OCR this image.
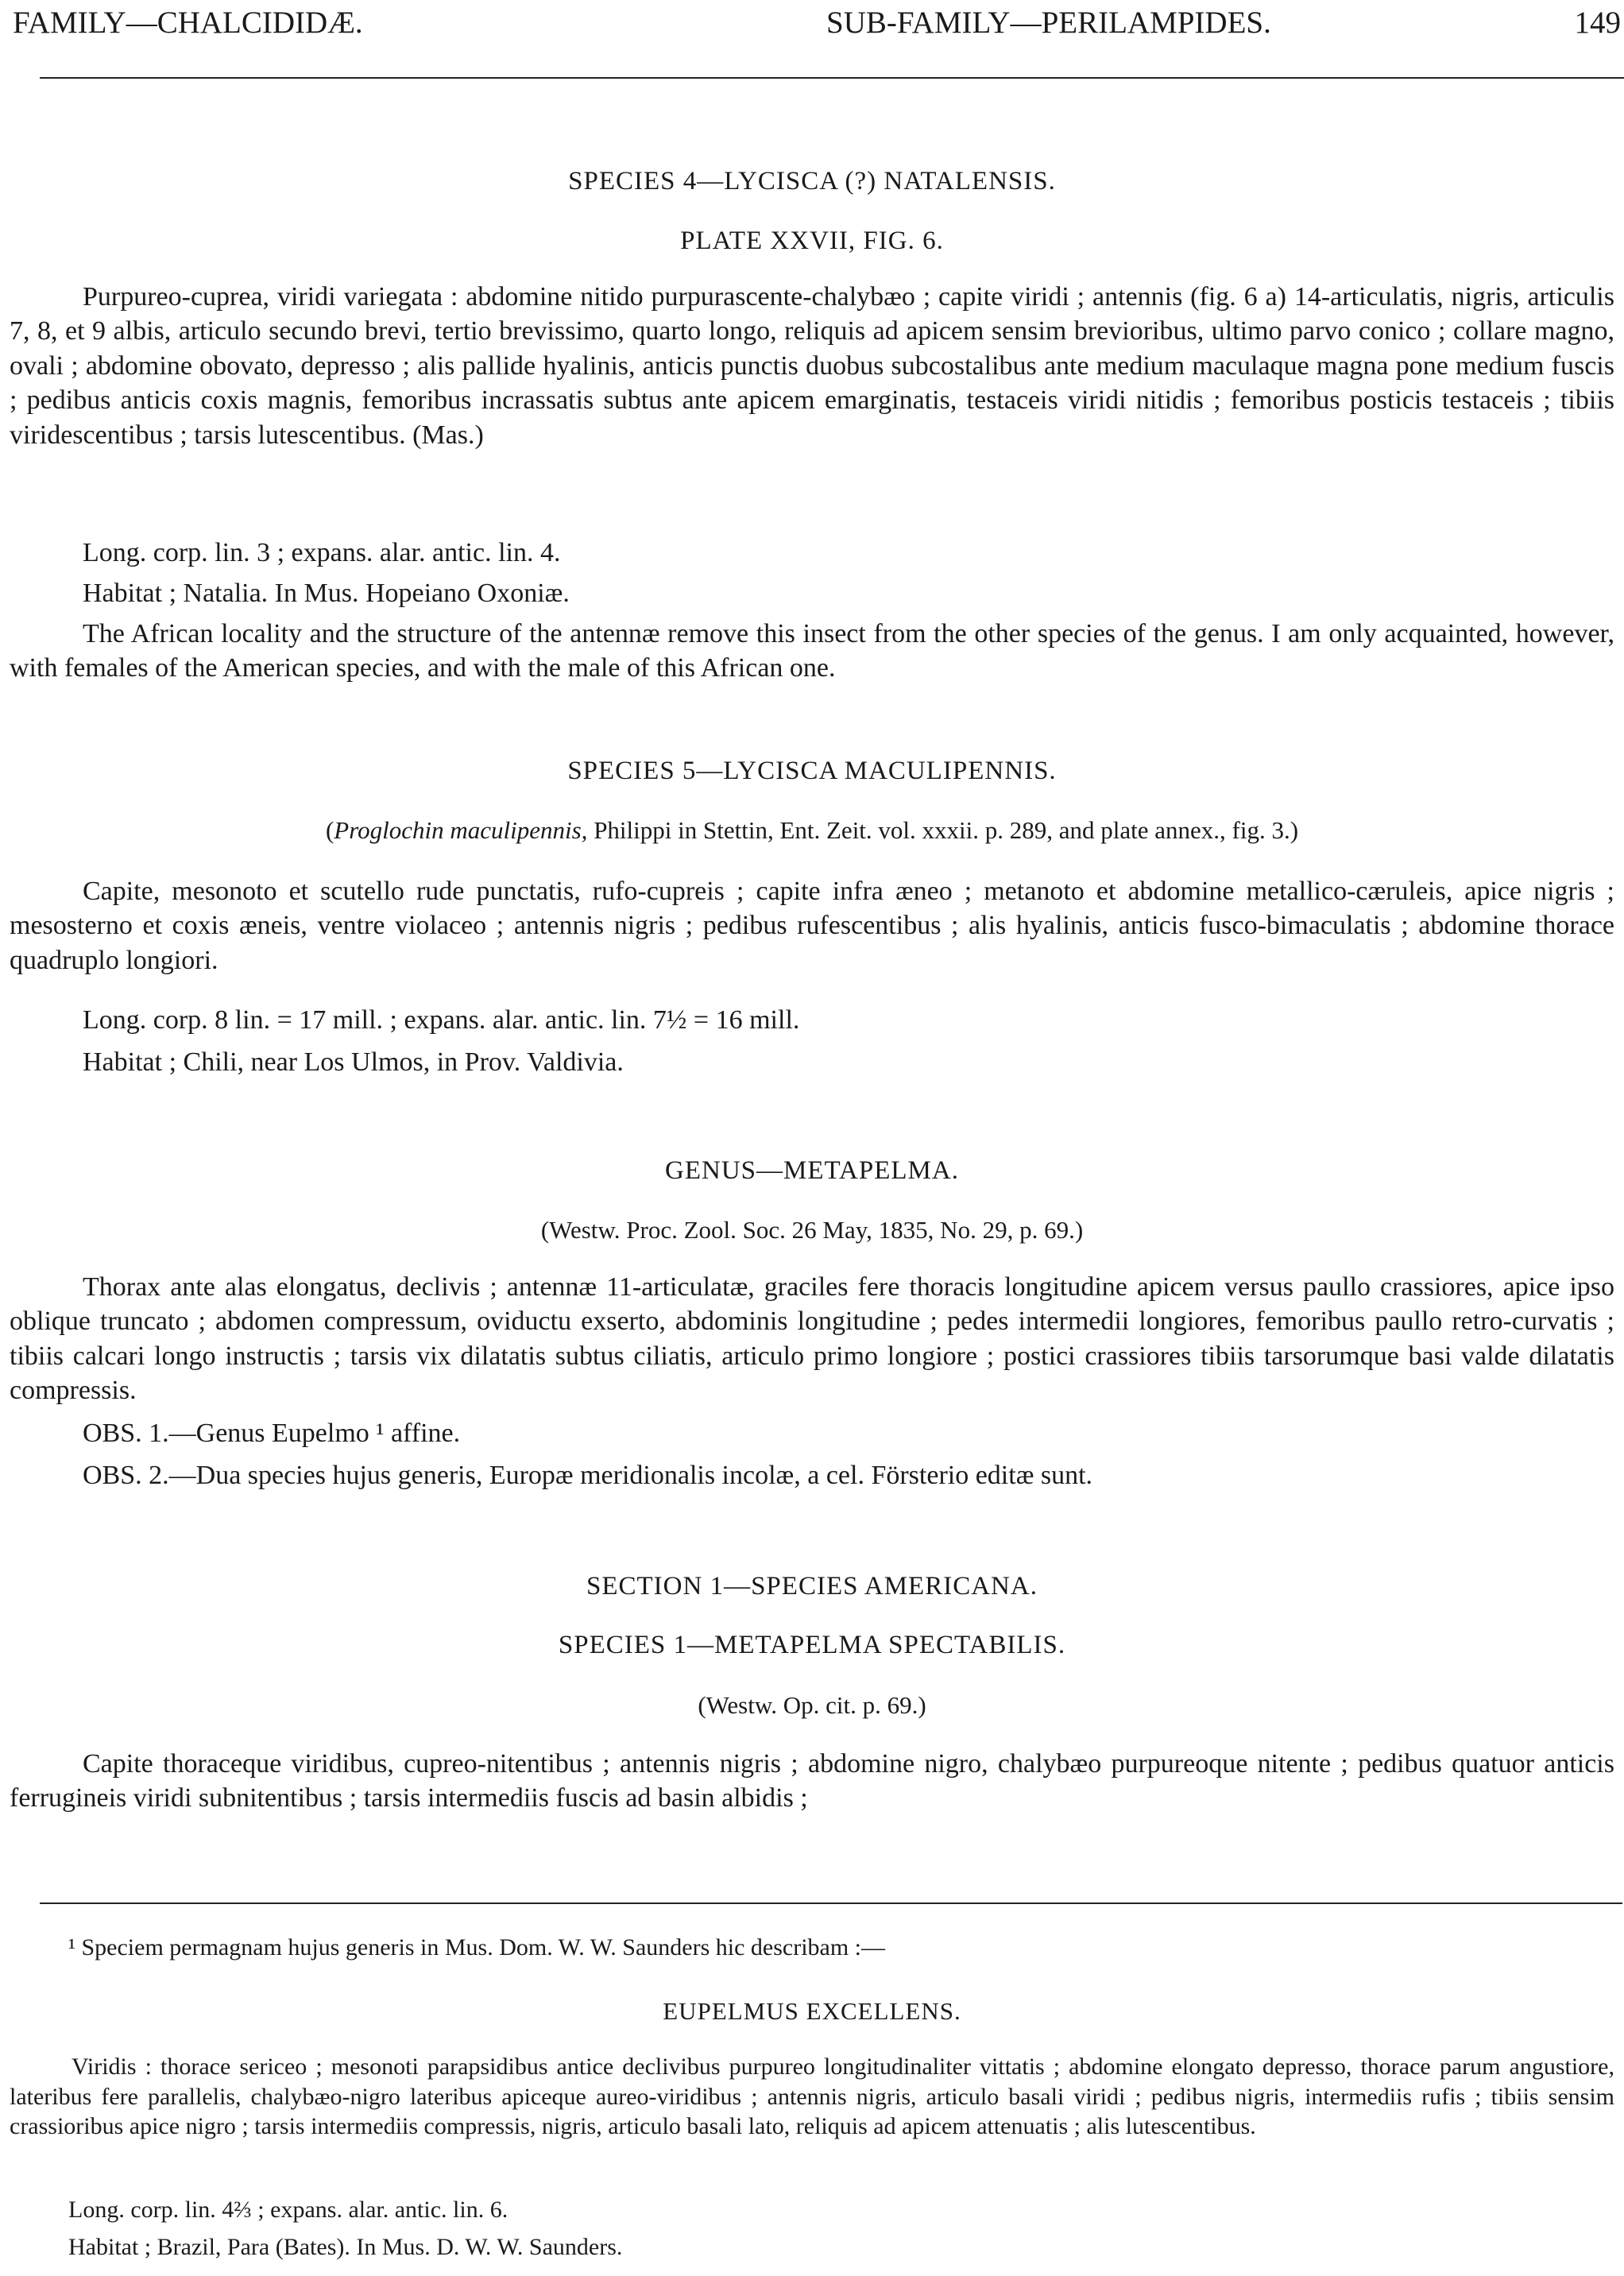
FAMILY—CHALCIDIDÆ.	SUB-FAMILY—PERILAMPIDES.	149
SPECIES 4—LYCISCA (?) NATALENSIS.
PLATE XXVII, FIG. 6.

Purpureo-cuprea, viridi variegata : abdomine nitido purpurascente-chalybæo ; capite viridi ; antennis (fig. 6 a) 14-articulatis, nigris, articulis 7, 8, et 9 albis, articulo secundo brevi, tertio brevissimo, quarto longo, reliquis ad apicem sensim brevioribus, ultimo parvo conico ; collare magno, ovali ; abdomine obovato, depresso ; alis pallide hyalinis, anticis punctis duobus subcostalibus ante medium maculaque magna pone medium fuscis ; pedibus anticis coxis magnis, femoribus incrassatis subtus ante apicem emarginatis, testaceis viridi nitidis ; femoribus posticis testaceis ; tibiis viridescentibus ; tarsis lutescentibus. (Mas.)

Long. corp. lin. 3 ; expans. alar. antic. lin. 4.
Habitat ; Natalia. In Mus. Hopeiano Oxoniæ.

The African locality and the structure of the antennæ remove this insect from the other species of the genus. I am only acquainted, however, with females of the American species, and with the male of this African one.

SPECIES 5—LYCISCA MACULIPENNIS.
(Proglochin maculipennis, Philippi in Stettin, Ent. Zeit. vol. xxxii. p. 289, and plate annex., fig. 3.)

Capite, mesonoto et scutello rude punctatis, rufo-cupreis ; capite infra æneo ; metanoto et abdomine metallico-cæruleis, apice nigris ; mesosterno et coxis æneis, ventre violaceo ; antennis nigris ; pedibus rufescentibus ; alis hyalinis, anticis fusco-bimaculatis ; abdomine thorace quadruplo longiori.

Long. corp. 8 lin. = 17 mill. ; expans. alar. antic. lin. 7½ = 16 mill.
Habitat ; Chili, near Los Ulmos, in Prov. Valdivia.
GENUS—METAPELMA.
(Westw. Proc. Zool. Soc. 26 May, 1835, No. 29, p. 69.)

Thorax ante alas elongatus, declivis ; antennæ 11-articulatæ, graciles fere thoracis longitudine apicem versus paullo crassiores, apice ipso oblique truncato ; abdomen compressum, oviductu exserto, abdominis longitudine ; pedes intermedii longiores, femoribus paullo retro-curvatis ; tibiis calcari longo instructis ; tarsis vix dilatatis subtus ciliatis, articulo primo longiore ; postici crassiores tibiis tarsorumque basi valde dilatatis compressis.

OBS. 1.—Genus Eupelmo ¹ affine.
OBS. 2.—Dua species hujus generis, Europæ meridionalis incolæ, a cel. Försterio editæ sunt.
SECTION 1—SPECIES AMERICANA.
SPECIES 1—METAPELMA SPECTABILIS.
(Westw. Op. cit. p. 69.)

Capite thoraceque viridibus, cupreo-nitentibus ; antennis nigris ; abdomine nigro, chalybæo purpureoque nitente ; pedibus quatuor anticis ferrugineis viridi subnitentibus ; tarsis intermediis fuscis ad basin albidis ;

¹ Speciem permagnam hujus generis in Mus. Dom. W. W. Saunders hic describam :—
EUPELMUS EXCELLENS.

Viridis : thorace sericeo ; mesonoti parapsidibus antice declivibus purpureo longitudinaliter vittatis ; abdomine elongato depresso, thorace parum angustiore, lateribus fere parallelis, chalybæo-nigro lateribus apiceque aureo-viridibus ; antennis nigris, articulo basali viridi ; pedibus nigris, intermediis rufis ; tibiis sensim crassioribus apice nigro ; tarsis intermediis compressis, nigris, articulo basali lato, reliquis ad apicem attenuatis ; alis lutescentibus.

Long. corp. lin. 4⅔ ; expans. alar. antic. lin. 6.
Habitat ; Brazil, Para (Bates). In Mus. D. W. W. Saunders.
